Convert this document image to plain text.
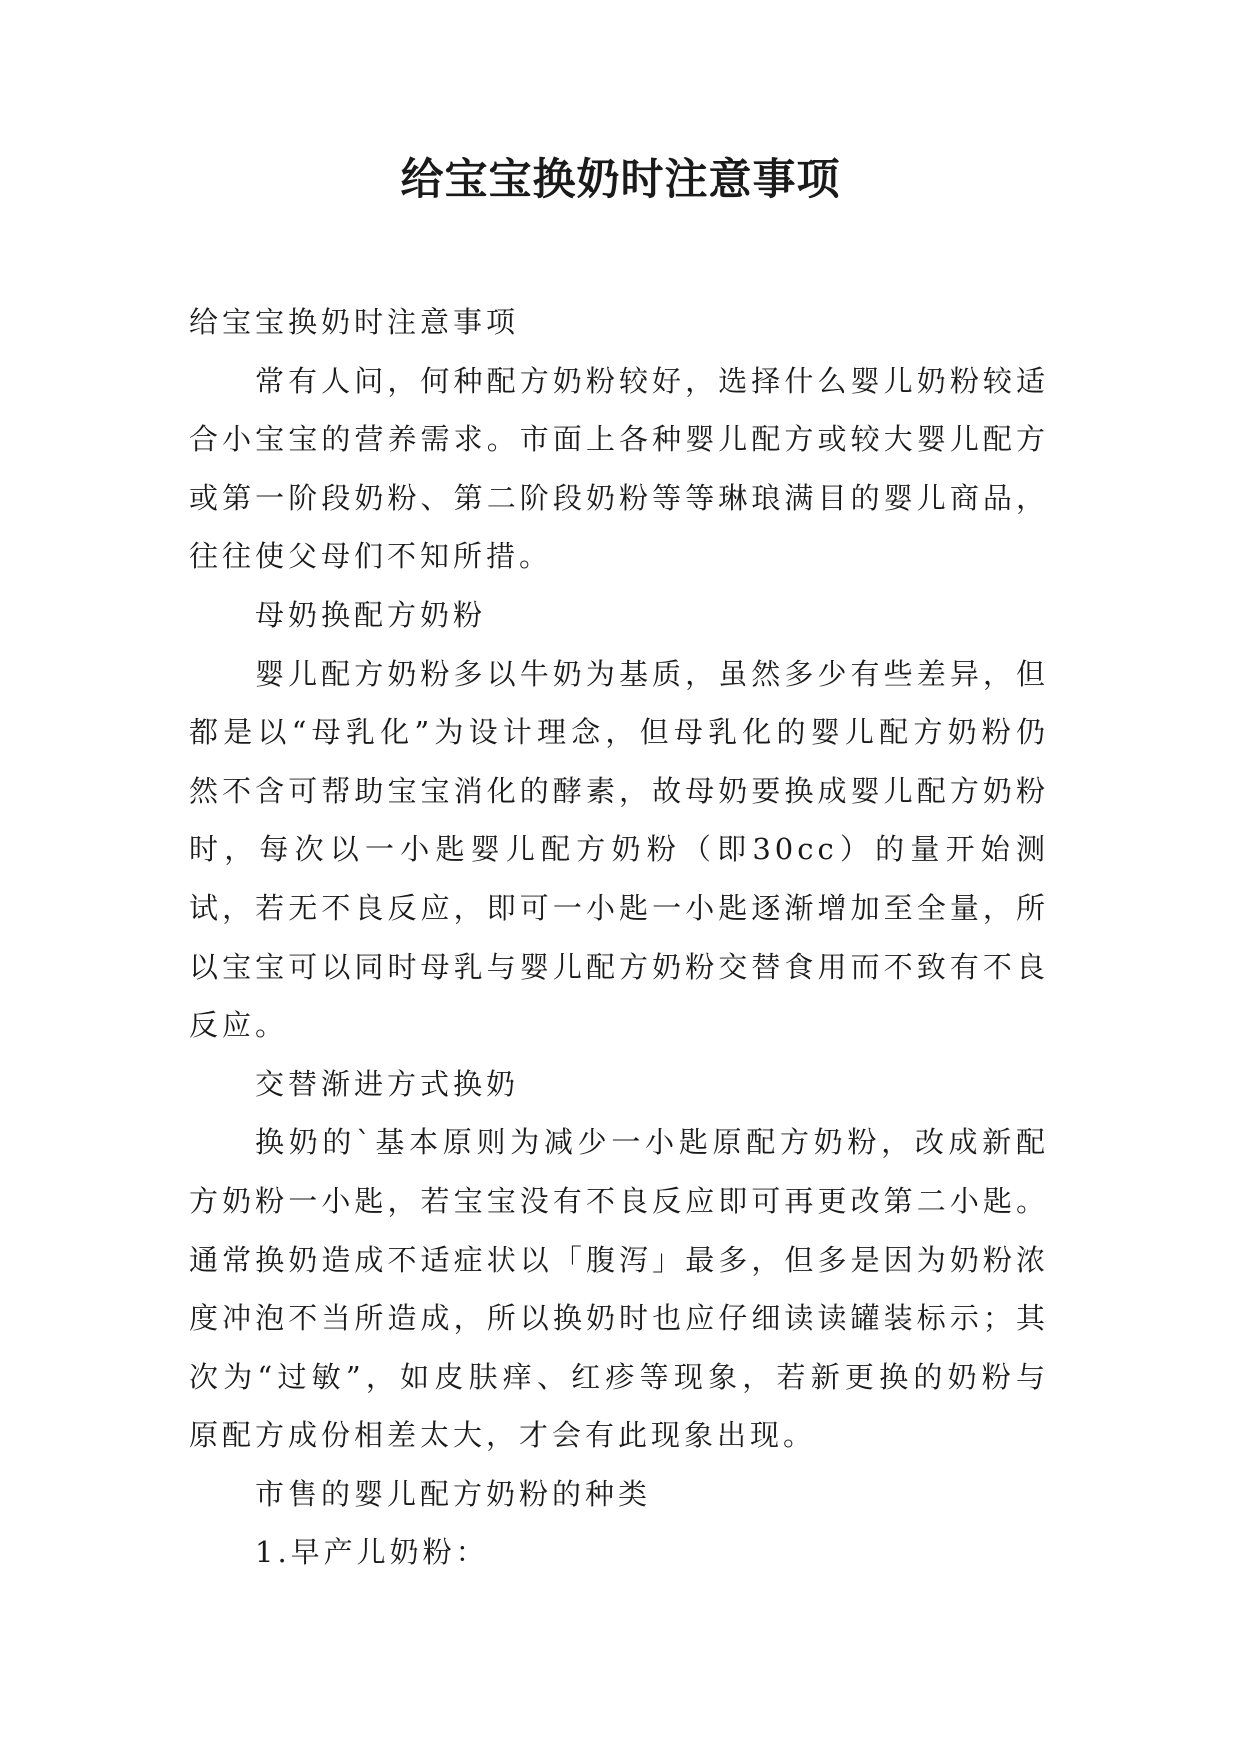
给宝宝换奶时注意事项

给宝宝换奶时注意事项

常有人问，何种配方奶粉较好，选择什么婴儿奶粉较适合小宝宝的营养需求。市面上各种婴儿配方或较大婴儿配方或第一阶段奶粉、第二阶段奶粉等等琳琅满目的婴儿商品，往往使父母们不知所措。

母奶换配方奶粉

婴儿配方奶粉多以牛奶为基质，虽然多少有些差异，但都是以“母乳化”为设计理念，但母乳化的婴儿配方奶粉仍然不含可帮助宝宝消化的酵素，故母奶要换成婴儿配方奶粉时，每次以一小匙婴儿配方奶粉（即30cc）的量开始测试，若无不良反应，即可一小匙一小匙逐渐增加至全量，所以宝宝可以同时母乳与婴儿配方奶粉交替食用而不致有不良反应。

交替渐进方式换奶

换奶的`基本原则为减少一小匙原配方奶粉，改成新配方奶粉一小匙，若宝宝没有不良反应即可再更改第二小匙。通常换奶造成不适症状以「腹泻」最多，但多是因为奶粉浓度冲泡不当所造成，所以换奶时也应仔细读读罐装标示；其次为“过敏”，如皮肤痒、红疹等现象，若新更换的奶粉与原配方成份相差太大，才会有此现象出现。

市售的婴儿配方奶粉的种类

1.早产儿奶粉：
